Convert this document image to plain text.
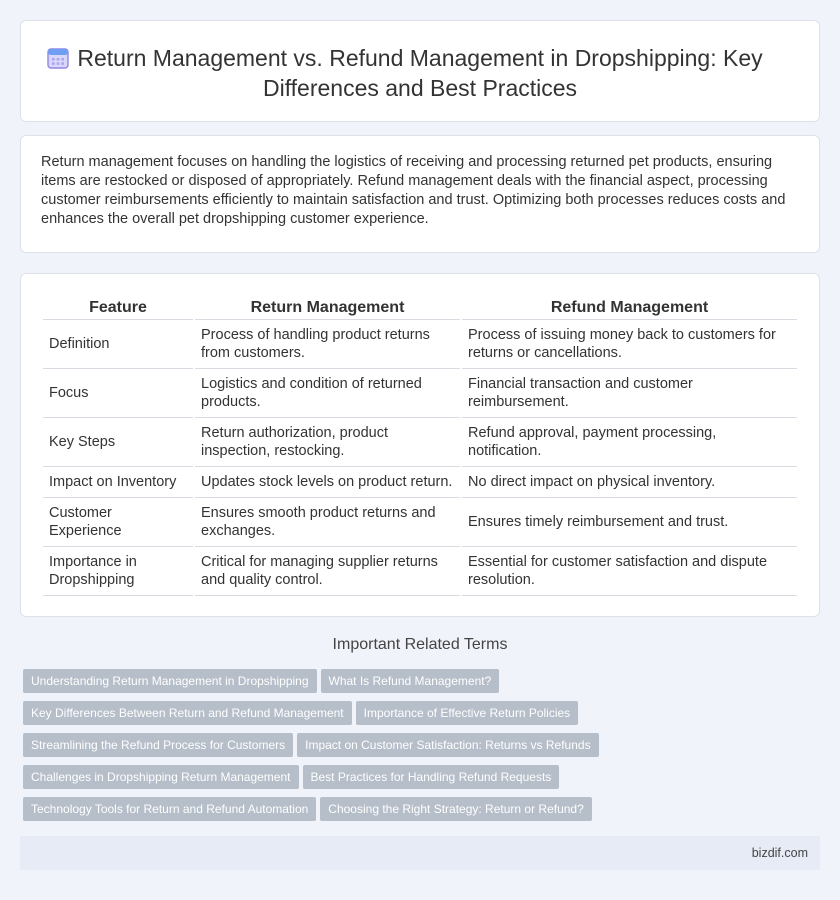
Return Management vs. Refund Management in Dropshipping: Key Differences and Best Practices

Return management focuses on handling the logistics of receiving and processing returned pet products, ensuring items are restocked or disposed of appropriately. Refund management deals with the financial aspect, processing customer reimbursements efficiently to maintain satisfaction and trust. Optimizing both processes reduces costs and enhances the overall pet dropshipping customer experience.

Feature	Return Management	Refund Management
Definition	Process of handling product returns from customers.	Process of issuing money back to customers for returns or cancellations.
Focus	Logistics and condition of returned products.	Financial transaction and customer reimbursement.
Key Steps	Return authorization, product inspection, restocking.	Refund approval, payment processing, notification.
Impact on Inventory	Updates stock levels on product return.	No direct impact on physical inventory.
Customer Experience	Ensures smooth product returns and exchanges.	Ensures timely reimbursement and trust.
Importance in Dropshipping	Critical for managing supplier returns and quality control.	Essential for customer satisfaction and dispute resolution.
Important Related Terms
Understanding Return Management in Dropshipping What Is Refund Management?
Key Differences Between Return and Refund Management Importance of Effective Return Policies
Streamlining the Refund Process for Customers Impact on Customer Satisfaction: Returns vs Refunds
Challenges in Dropshipping Return Management Best Practices for Handling Refund Requests
Technology Tools for Return and Refund Automation Choosing the Right Strategy: Return or Refund?
bizdif.com
